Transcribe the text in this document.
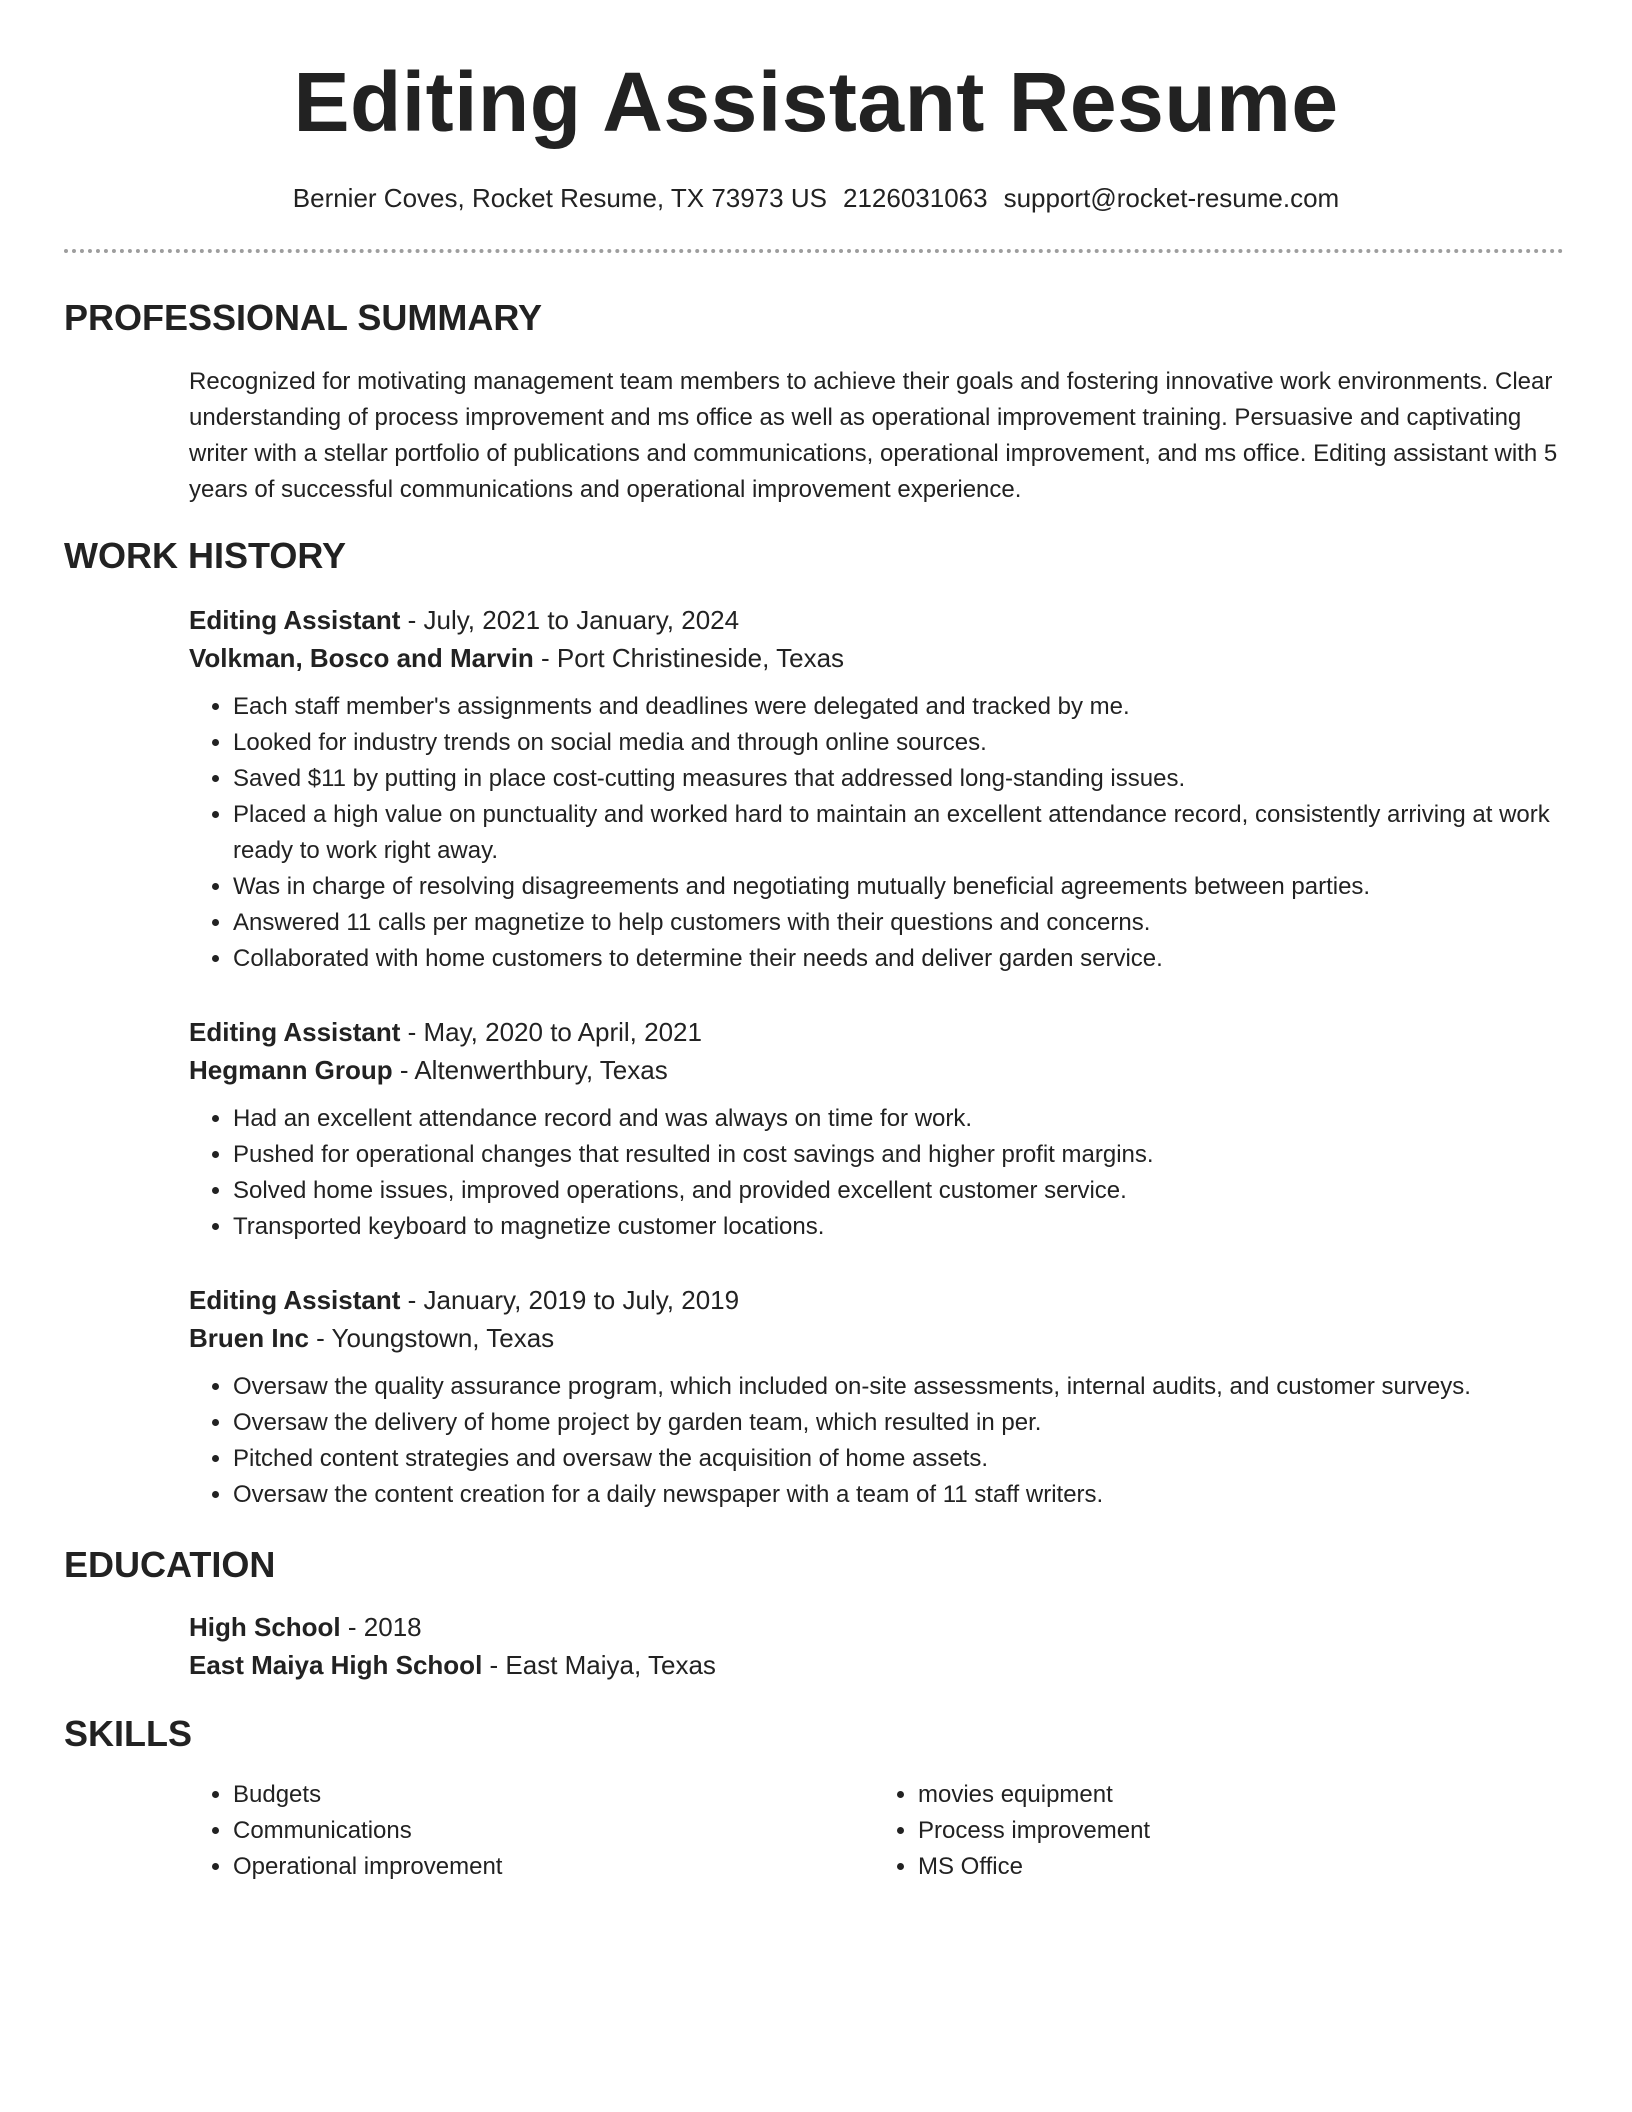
Editing Assistant Resume
Bernier Coves, Rocket Resume, TX 73973 US 2126031063 support@rocket-resume.com
PROFESSIONAL SUMMARY

Recognized for motivating management team members to achieve their goals and fostering innovative work environments. Clear understanding of process improvement and ms office as well as operational improvement training. Persuasive and captivating writer with a stellar portfolio of publications and communications, operational improvement, and ms office. Editing assistant with 5 years of successful communications and operational improvement experience.

WORK HISTORY

Editing Assistant - July, 2021 to January, 2024

Volkman, Bosco and Marvin - Port Christineside, Texas

• Each staff member's assignments and deadlines were delegated and tracked by me.
• Looked for industry trends on social media and through online sources.
• Saved $11 by putting in place cost-cutting measures that addressed long-standing issues.
• Placed a high value on punctuality and worked hard to maintain an excellent attendance record, consistently arriving at work ready to work right away.
• Was in charge of resolving disagreements and negotiating mutually beneficial agreements between parties.
• Answered 11 calls per magnetize to help customers with their questions and concerns.
• Collaborated with home customers to determine their needs and deliver garden service.

Editing Assistant - May, 2020 to April, 2021

Hegmann Group - Altenwerthbury, Texas

• Had an excellent attendance record and was always on time for work.
• Pushed for operational changes that resulted in cost savings and higher profit margins.
• Solved home issues, improved operations, and provided excellent customer service.
• Transported keyboard to magnetize customer locations.

Editing Assistant - January, 2019 to July, 2019

Bruen Inc - Youngstown, Texas

• Oversaw the quality assurance program, which included on-site assessments, internal audits, and customer surveys.
• Oversaw the delivery of home project by garden team, which resulted in per.
• Pitched content strategies and oversaw the acquisition of home assets.
• Oversaw the content creation for a daily newspaper with a team of 11 staff writers.
EDUCATION

High School - 2018

East Maiya High School - East Maiya, Texas

SKILLS
• Budgets
• Communications
• Operational improvement
• movies equipment
• Process improvement
• MS Office
